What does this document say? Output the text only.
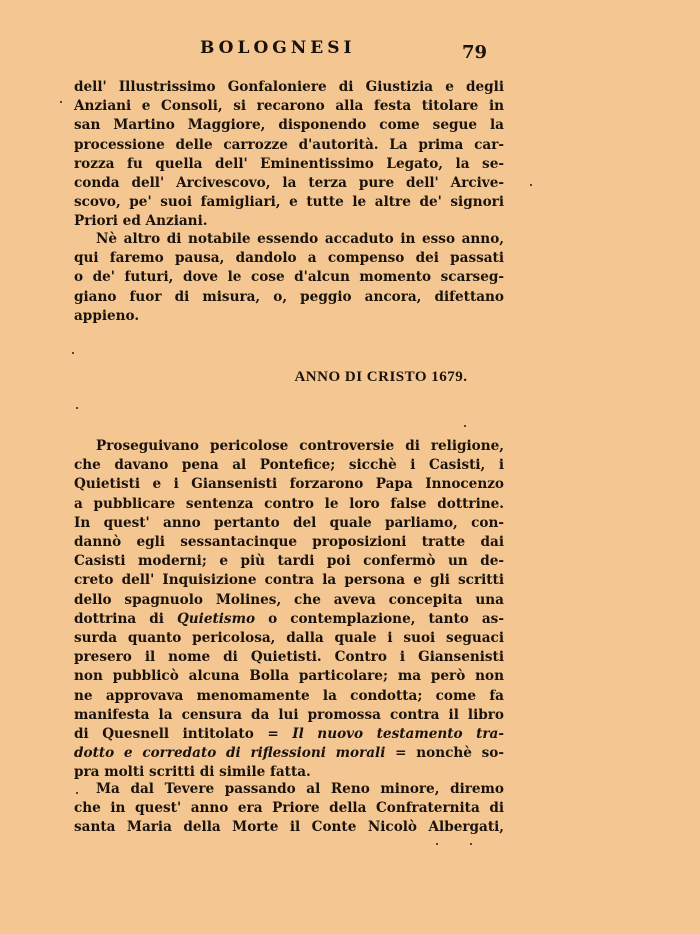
BOLOGNESI	79
dell' Illustrissimo Gonfaloniere di Giustizia e degli
Anziani e Consoli, si recarono alla festa titolare in
san Martino Maggiore, disponendo come segue la
processione delle carrozze d'autorità. La prima car-
rozza fu quella dell' Eminentissimo Legato, la se-
conda dell' Arcivescovo, la terza pure dell' Arcive-
scovo, pe' suoi famigliari, e tutte le altre de' signori
Priori ed Anziani.
Nè altro di notabile essendo accaduto in esso anno,
qui faremo pausa, dandolo a compenso dei passati
o de' futuri, dove le cose d'alcun momento scarseg-
giano fuor di misura, o, peggio ancora, difettano
appieno.
ANNO DI CRISTO 1679.
Proseguivano pericolose controversie di religione,
che davano pena al Pontefice; sicchè i Casisti, i
Quietisti e i Giansenisti forzarono Papa Innocenzo
a pubblicare sentenza contro le loro false dottrine.
In quest' anno pertanto del quale parliamo, con-
dannò egli sessantacinque proposizioni tratte dai
Casisti moderni; e più tardi poi confermò un de-
creto dell' Inquisizione contra la persona e gli scritti
dello spagnuolo Molines, che aveva concepita una
dottrina di Quietismo o contemplazione, tanto as-
surda quanto pericolosa, dalla quale i suoi seguaci
presero il nome di Quietisti. Contro i Giansenisti
non pubblicò alcuna Bolla particolare; ma però non
ne approvava menomamente la condotta; come fa
manifesta la censura da lui promossa contra il libro
di Quesnell intitolato = Il nuovo testamento tra-
dotto e corredato di riflessioni morali = nonchè so-
pra molti scritti di simile fatta.
Ma dal Tevere passando al Reno minore, diremo
che in quest' anno era Priore della Confraternita di
santa Maria della Morte il Conte Nicolò Albergati,
